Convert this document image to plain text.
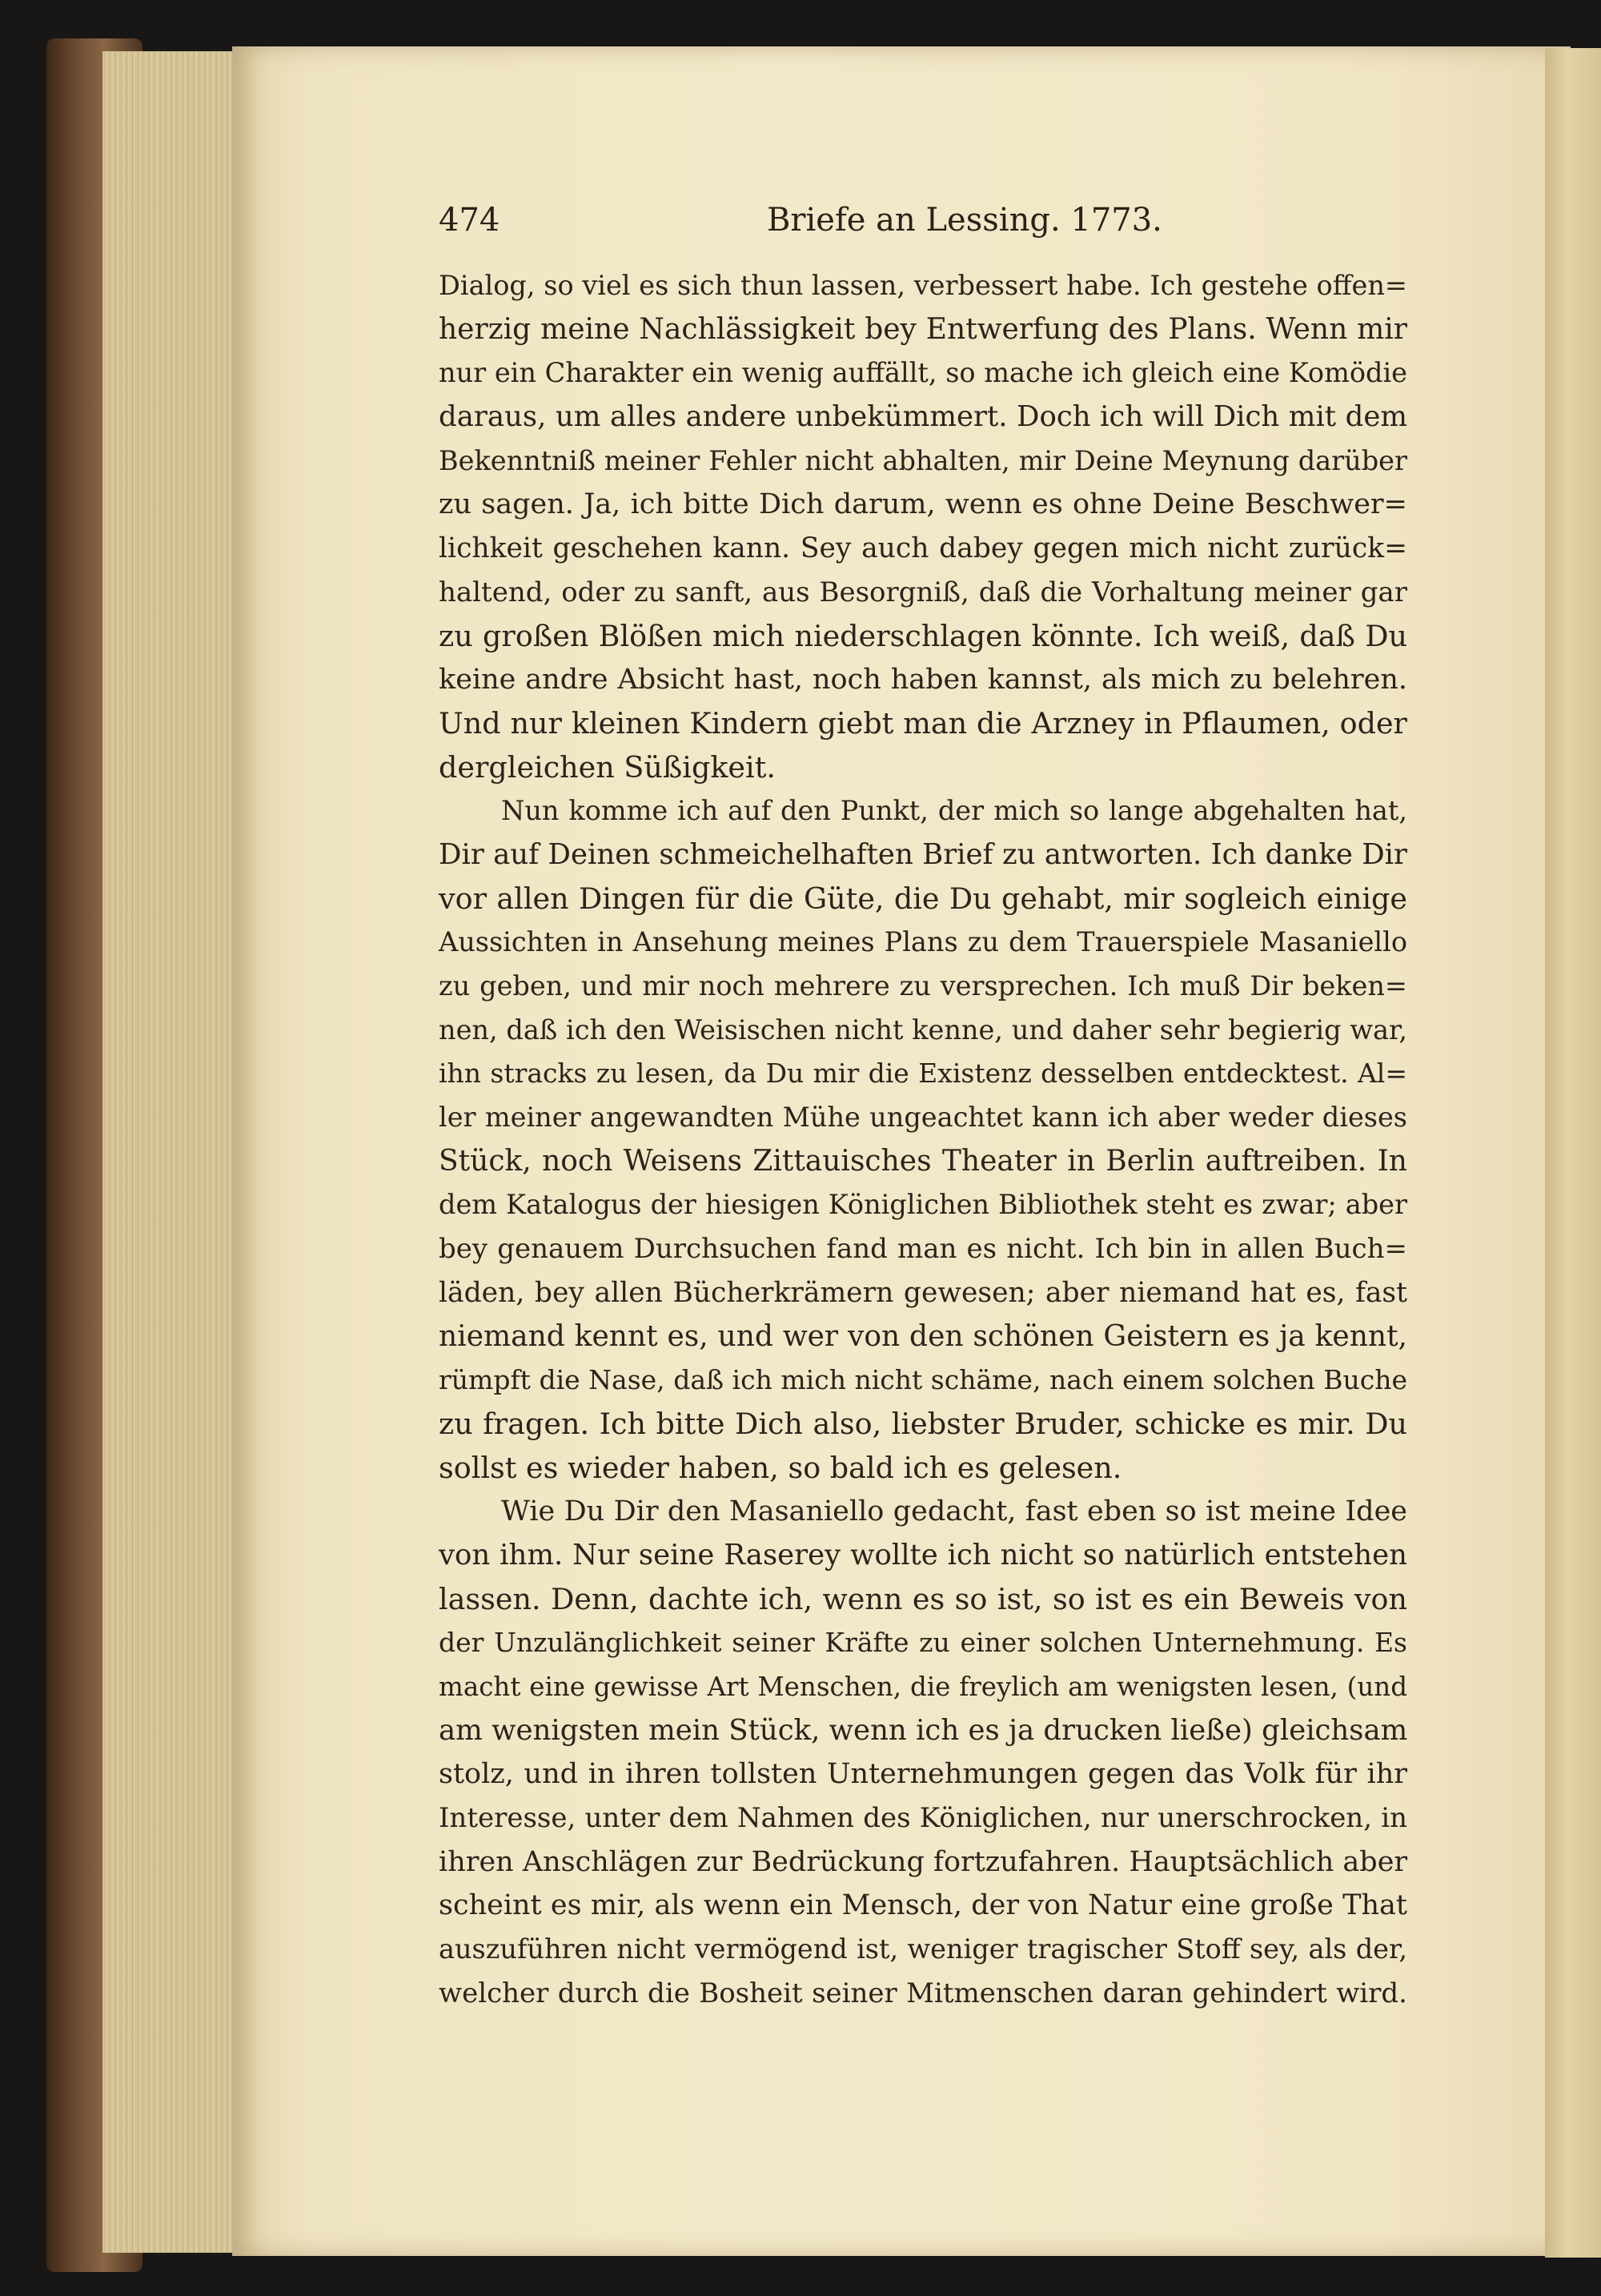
474	Briefe an Lessing. 1773.
Dialog, so viel es sich thun lassen, verbessert habe. Ich gestehe offen=
herzig meine Nachlässigkeit bey Entwerfung des Plans. Wenn mir
nur ein Charakter ein wenig auffällt, so mache ich gleich eine Komödie
daraus, um alles andere unbekümmert. Doch ich will Dich mit dem
Bekenntniß meiner Fehler nicht abhalten, mir Deine Meynung darüber
zu sagen. Ja, ich bitte Dich darum, wenn es ohne Deine Beschwer=
lichkeit geschehen kann. Sey auch dabey gegen mich nicht zurück=
haltend, oder zu sanft, aus Besorgniß, daß die Vorhaltung meiner gar
zu großen Blößen mich niederschlagen könnte. Ich weiß, daß Du
keine andre Absicht hast, noch haben kannst, als mich zu belehren.
Und nur kleinen Kindern giebt man die Arzney in Pflaumen, oder
dergleichen Süßigkeit.
Nun komme ich auf den Punkt, der mich so lange abgehalten hat,
Dir auf Deinen schmeichelhaften Brief zu antworten. Ich danke Dir
vor allen Dingen für die Güte, die Du gehabt, mir sogleich einige
Aussichten in Ansehung meines Plans zu dem Trauerspiele Masaniello
zu geben, und mir noch mehrere zu versprechen. Ich muß Dir beken=
nen, daß ich den Weisischen nicht kenne, und daher sehr begierig war,
ihn stracks zu lesen, da Du mir die Existenz desselben entdecktest. Al=
ler meiner angewandten Mühe ungeachtet kann ich aber weder dieses
Stück, noch Weisens Zittauisches Theater in Berlin auftreiben. In
dem Katalogus der hiesigen Königlichen Bibliothek steht es zwar; aber
bey genauem Durchsuchen fand man es nicht. Ich bin in allen Buch=
läden, bey allen Bücherkrämern gewesen; aber niemand hat es, fast
niemand kennt es, und wer von den schönen Geistern es ja kennt,
rümpft die Nase, daß ich mich nicht schäme, nach einem solchen Buche
zu fragen. Ich bitte Dich also, liebster Bruder, schicke es mir. Du
sollst es wieder haben, so bald ich es gelesen.
Wie Du Dir den Masaniello gedacht, fast eben so ist meine Idee
von ihm. Nur seine Raserey wollte ich nicht so natürlich entstehen
lassen. Denn, dachte ich, wenn es so ist, so ist es ein Beweis von
der Unzulänglichkeit seiner Kräfte zu einer solchen Unternehmung. Es
macht eine gewisse Art Menschen, die freylich am wenigsten lesen, (und
am wenigsten mein Stück, wenn ich es ja drucken ließe) gleichsam
stolz, und in ihren tollsten Unternehmungen gegen das Volk für ihr
Interesse, unter dem Nahmen des Königlichen, nur unerschrocken, in
ihren Anschlägen zur Bedrückung fortzufahren. Hauptsächlich aber
scheint es mir, als wenn ein Mensch, der von Natur eine große That
auszuführen nicht vermögend ist, weniger tragischer Stoff sey, als der,
welcher durch die Bosheit seiner Mitmenschen daran gehindert wird.
